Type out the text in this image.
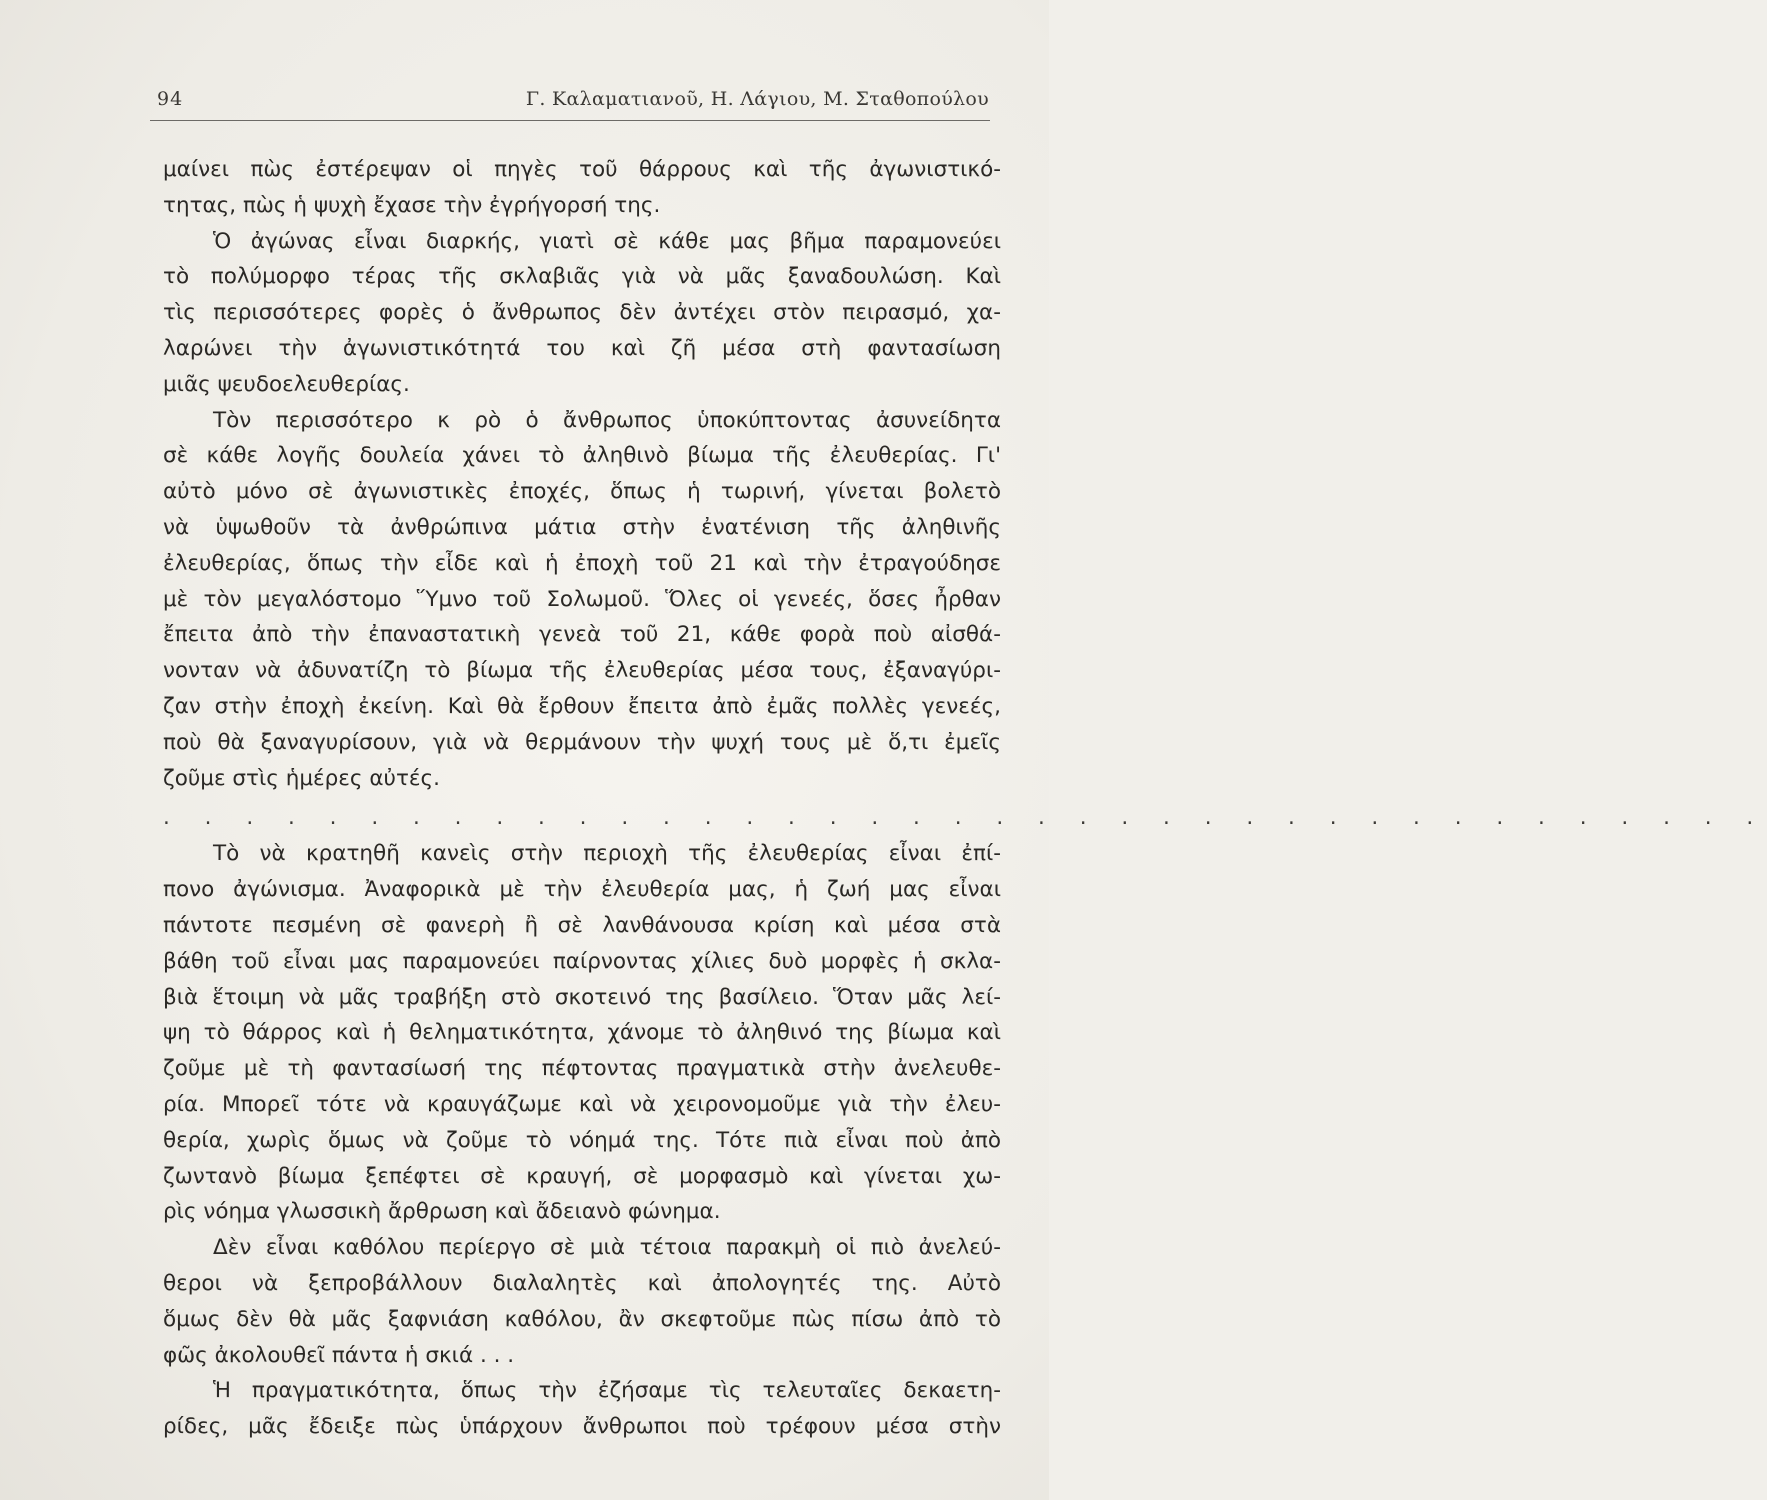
94	Γ. Καλαματιανοῦ, Η. Λάγιου, Μ. Σταθοπούλου
μαίνει πὼς ἐστέρεψαν οἱ πηγὲς τοῦ θάρρους καὶ τῆς ἀγωνιστικό-
τητας, πὼς ἡ ψυχὴ ἔχασε τὴν ἐγρήγορσή της.
Ὁ ἀγώνας εἶναι διαρκής, γιατὶ σὲ κάθε μας βῆμα παραμονεύει
τὸ πολύμορφο τέρας τῆς σκλαβιᾶς γιὰ νὰ μᾶς ξαναδουλώση. Καὶ
τὶς περισσότερες φορὲς ὁ ἄνθρωπος δὲν ἀντέχει στὸν πειρασμό, χα-
λαρώνει τὴν ἀγωνιστικότητά του καὶ ζῆ μέσα στὴ φαντασίωση
μιᾶς ψευδοελευθερίας.
Τὸν περισσότερο κ ρὸ ὁ ἄνθρωπος ὑποκύπτοντας ἀσυνείδητα
σὲ κάθε λογῆς δουλεία χάνει τὸ ἀληθινὸ βίωμα τῆς ἐλευθερίας. Γι'
αὐτὸ μόνο σὲ ἀγωνιστικὲς ἐποχές, ὅπως ἡ τωρινή, γίνεται βολετὸ
νὰ ὑψωθοῦν τὰ ἀνθρώπινα μάτια στὴν ἐνατένιση τῆς ἀληθινῆς
ἐλευθερίας, ὅπως τὴν εἶδε καὶ ἡ ἐποχὴ τοῦ 21 καὶ τὴν ἐτραγούδησε
μὲ τὸν μεγαλόστομο Ὕμνο τοῦ Σολωμοῦ. Ὅλες οἱ γενεές, ὅσες ἦρθαν
ἔπειτα ἀπὸ τὴν ἐπαναστατικὴ γενεὰ τοῦ 21, κάθε φορὰ ποὺ αἰσθά-
νονταν νὰ ἀδυνατίζη τὸ βίωμα τῆς ἐλευθερίας μέσα τους, ἐξαναγύρι-
ζαν στὴν ἐποχὴ ἐκείνη. Καὶ θὰ ἔρθουν ἔπειτα ἀπὸ ἐμᾶς πολλὲς γενεές,
ποὺ θὰ ξαναγυρίσουν, γιὰ νὰ θερμάνουν τὴν ψυχή τους μὲ ὅ,τι ἐμεῖς
ζοῦμε στὶς ἡμέρες αὐτές.
. . . . . . . . . . . . . . . . . . . . . . . . . . . . . . . . . . . . . . .
Τὸ νὰ κρατηθῆ κανεὶς στὴν περιοχὴ τῆς ἐλευθερίας εἶναι ἐπί-
πονο ἀγώνισμα. Ἀναφορικὰ μὲ τὴν ἐλευθερία μας, ἡ ζωή μας εἶναι
πάντοτε πεσμένη σὲ φανερὴ ἢ σὲ λανθάνουσα κρίση καὶ μέσα στὰ
βάθη τοῦ εἶναι μας παραμονεύει παίρνοντας χίλιες δυὸ μορφὲς ἡ σκλα-
βιὰ ἕτοιμη νὰ μᾶς τραβήξη στὸ σκοτεινό της βασίλειο. Ὅταν μᾶς λεί-
ψη τὸ θάρρος καὶ ἡ θεληματικότητα, χάνομε τὸ ἀληθινό της βίωμα καὶ
ζοῦμε μὲ τὴ φαντασίωσή της πέφτοντας πραγματικὰ στὴν ἀνελευθε-
ρία. Μπορεῖ τότε νὰ κραυγάζωμε καὶ νὰ χειρονομοῦμε γιὰ τὴν ἐλευ-
θερία, χωρὶς ὅμως νὰ ζοῦμε τὸ νόημά της. Τότε πιὰ εἶναι ποὺ ἀπὸ
ζωντανὸ βίωμα ξεπέφτει σὲ κραυγή, σὲ μορφασμὸ καὶ γίνεται χω-
ρὶς νόημα γλωσσικὴ ἄρθρωση καὶ ἄδειανὸ φώνημα.
Δὲν εἶναι καθόλου περίεργο σὲ μιὰ τέτοια παρακμὴ οἱ πιὸ ἀνελεύ-
θεροι νὰ ξεπροβάλλουν διαλαλητὲς καὶ ἀπολογητές της. Αὐτὸ
ὅμως δὲν θὰ μᾶς ξαφνιάση καθόλου, ἂν σκεφτοῦμε πὼς πίσω ἀπὸ τὸ
φῶς ἀκολουθεῖ πάντα ἡ σκιά . . .
Ἡ πραγματικότητα, ὅπως τὴν ἐζήσαμε τὶς τελευταῖες δεκαετη-
ρίδες, μᾶς ἔδειξε πὼς ὑπάρχουν ἄνθρωποι ποὺ τρέφουν μέσα στὴν
